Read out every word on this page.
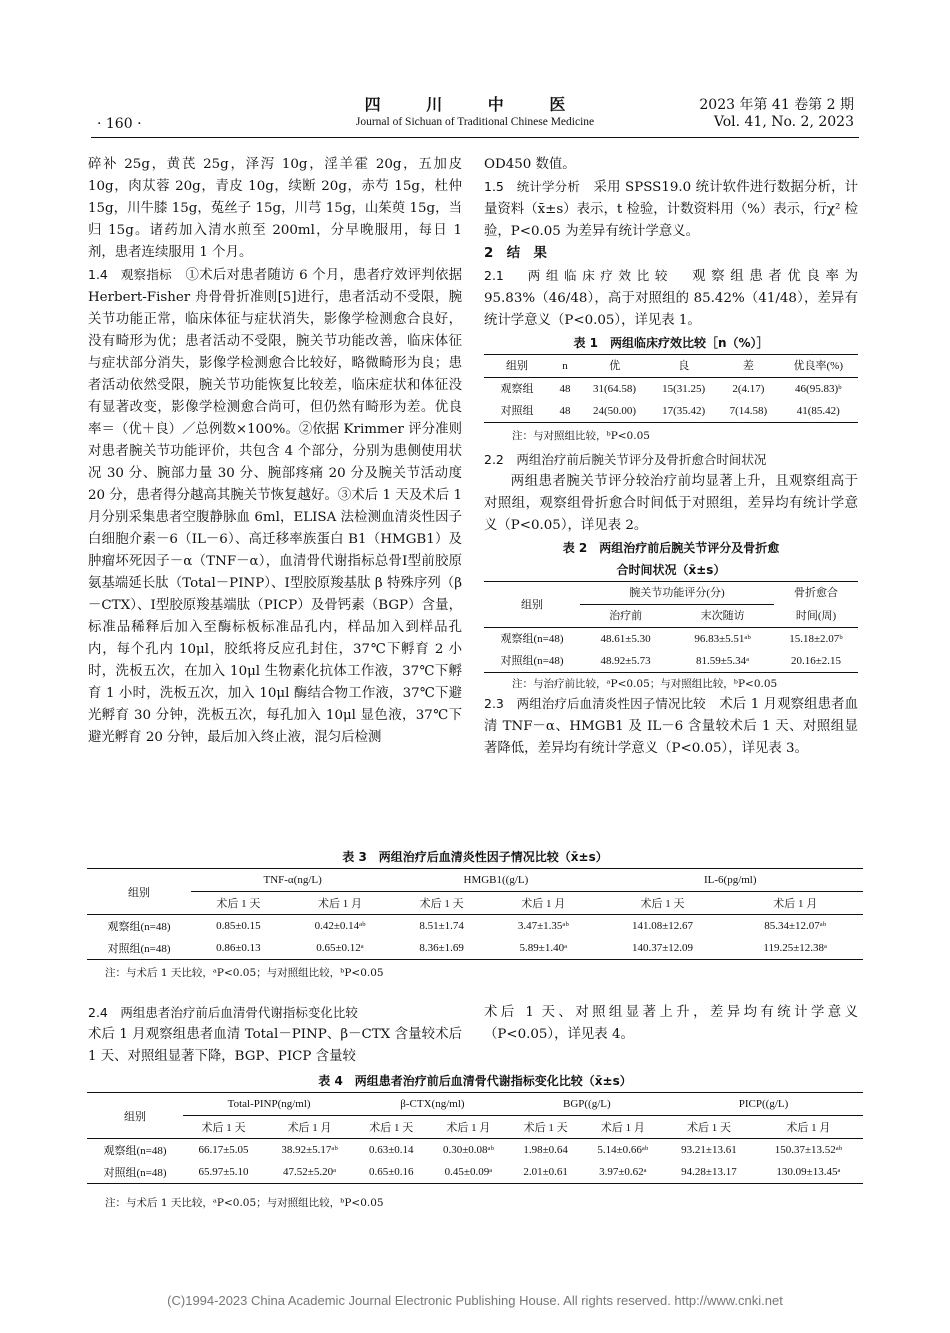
· 160 ·
四 川 中 医
Journal of Sichuan of Traditional Chinese Medicine
2023 年第 41 卷第 2 期
Vol. 41, No. 2, 2023

碎补 25g，黄芪 25g，泽泻 10g，淫羊霍 20g，五加皮 10g，肉苁蓉 20g，青皮 10g，续断 20g，赤芍 15g，杜仲 15g，川牛膝 15g，菟丝子 15g，川芎 15g，山茱萸 15g，当归 15g。诸药加入清水煎至 200ml，分早晚服用，每日 1 剂，患者连续服用 1 个月。

1.4　观察指标　 ①术后对患者随访 6 个月，患者疗效评判依据 Herbert-Fisher 舟骨骨折准则[5]进行，患者活动不受限，腕关节功能正常，临床体征与症状消失，影像学检测愈合良好，没有畸形为优；患者活动不受限，腕关节功能改善，临床体征与症状部分消失，影像学检测愈合比较好，略微畸形为良；患者活动依然受限，腕关节功能恢复比较差，临床症状和体征没有显著改变，影像学检测愈合尚可，但仍然有畸形为差。优良率＝（优＋良）／总例数×100%。②依据 Krimmer 评分准则对患者腕关节功能评价，共包含 4 个部分，分别为患侧使用状况 30 分、腕部力量 30 分、腕部疼痛 20 分及腕关节活动度 20 分，患者得分越高其腕关节恢复越好。③术后 1 天及术后 1 月分别采集患者空腹静脉血 6ml，ELISA 法检测血清炎性因子白细胞介素－6（IL－6）、高迁移率族蛋白 B1（HMGB1）及肿瘤坏死因子－α（TNF－α），血清骨代谢指标总骨Ⅰ型前胶原氨基端延长肽（Total－PINP）、Ⅰ型胶原羧基肽 β 特殊序列（β－CTX）、Ⅰ型胶原羧基端肽（PICP）及骨钙素（BGP）含量，标准品稀释后加入至酶标板标准品孔内，样品加入到样品孔内，每个孔内 10μl，胶纸将反应孔封住，37℃下孵育 2 小时，洗板五次，在加入 10μl 生物素化抗体工作液，37℃下孵育 1 小时，洗板五次，加入 10μl 酶结合物工作液，37℃下避光孵育 30 分钟，洗板五次，每孔加入 10μl 显色液，37℃下避光孵育 20 分钟，最后加入终止液，混匀后检测

OD450 数值。

1.5　统计学分析　 采用 SPSS19.0 统计软件进行数据分析，计量资料（x̄±s）表示，t 检验，计数资料用（%）表示，行χ² 检验，P<0.05 为差异有统计学意义。

2　结　果

2.1　两组临床疗效比较　 观察组患者优良率为 95.83%（46/48），高于对照组的 85.42%（41/48），差异有统计学意义（P<0.05），详见表 1。

表 1　两组临床疗效比较［n（%）］
组别	n	优	良	差	优良率(%)
观察组	48	31(64.58)	15(31.25)	2(4.17)	46(95.83)ᵇ
对照组	48	24(50.00)	17(35.42)	7(14.58)	41(85.42)
注：与对照组比较，ᵇP<0.05

2.2　两组治疗前后腕关节评分及骨折愈合时间状况

两组患者腕关节评分较治疗前均显著上升，且观察组高于对照组，观察组骨折愈合时间低于对照组，差异均有统计学意义（P<0.05），详见表 2。

表 2　两组治疗前后腕关节评分及骨折愈
合时间状况（x̄±s）
组别	腕关节功能评分(分)		骨折愈合
	治疗前	末次随访	时间(周)
观察组(n=48)	48.61±5.30	96.83±5.51ᵃᵇ	15.18±2.07ᵇ
对照组(n=48)	48.92±5.73	81.59±5.34ᵃ	20.16±2.15
注：与治疗前比较，ᵃP<0.05；与对照组比较，ᵇP<0.05

2.3　两组治疗后血清炎性因子情况比较　 术后 1 月观察组患者血清 TNF－α、HMGB1 及 IL－6 含量较术后 1 天、对照组显著降低，差异均有统计学意义（P<0.05），详见表 3。

表 3　两组治疗后血清炎性因子情况比较（x̄±s）
组别	TNF-α(ng/L)		HMGB1((g/L)		IL-6(pg/ml)	
	术后 1 天	术后 1 月	术后 1 天	术后 1 月	术后 1 天	术后 1 月
观察组(n=48)	0.85±0.15	0.42±0.14ᵃᵇ	8.51±1.74	3.47±1.35ᵃᵇ	141.08±12.67	85.34±12.07ᵃᵇ
对照组(n=48)	0.86±0.13	0.65±0.12ᵃ	8.36±1.69	5.89±1.40ᵃ	140.37±12.09	119.25±12.38ᵃ
注：与术后 1 天比较，ᵃP<0.05；与对照组比较，ᵇP<0.05

2.4　两组患者治疗前后血清骨代谢指标变化比较

术后 1 月观察组患者血清 Total－PINP、β－CTX 含量较术后 1 天、对照组显著下降，BGP、PICP 含量较

术后 1 天、对照组显著上升，差异均有统计学意义（P<0.05），详见表 4。

表 4　两组患者治疗前后血清骨代谢指标变化比较（x̄±s）
组别	Total-PINP(ng/ml)		β-CTX(ng/ml)		BGP((g/L)		PICP((g/L)	
	术后 1 天	术后 1 月	术后 1 天	术后 1 月	术后 1 天	术后 1 月	术后 1 天	术后 1 月
观察组(n=48)	66.17±5.05	38.92±5.17ᵃᵇ	0.63±0.14	0.30±0.08ᵃᵇ	1.98±0.64	5.14±0.66ᵃᵇ	93.21±13.61	150.37±13.52ᵃᵇ
对照组(n=48)	65.97±5.10	47.52±5.20ᵃ	0.65±0.16	0.45±0.09ᵃ	2.01±0.61	3.97±0.62ᵃ	94.28±13.17	130.09±13.45ᵃ
注：与术后 1 天比较，ᵃP<0.05；与对照组比较，ᵇP<0.05
(C)1994-2023 China Academic Journal Electronic Publishing House. All rights reserved. http://www.cnki.net
